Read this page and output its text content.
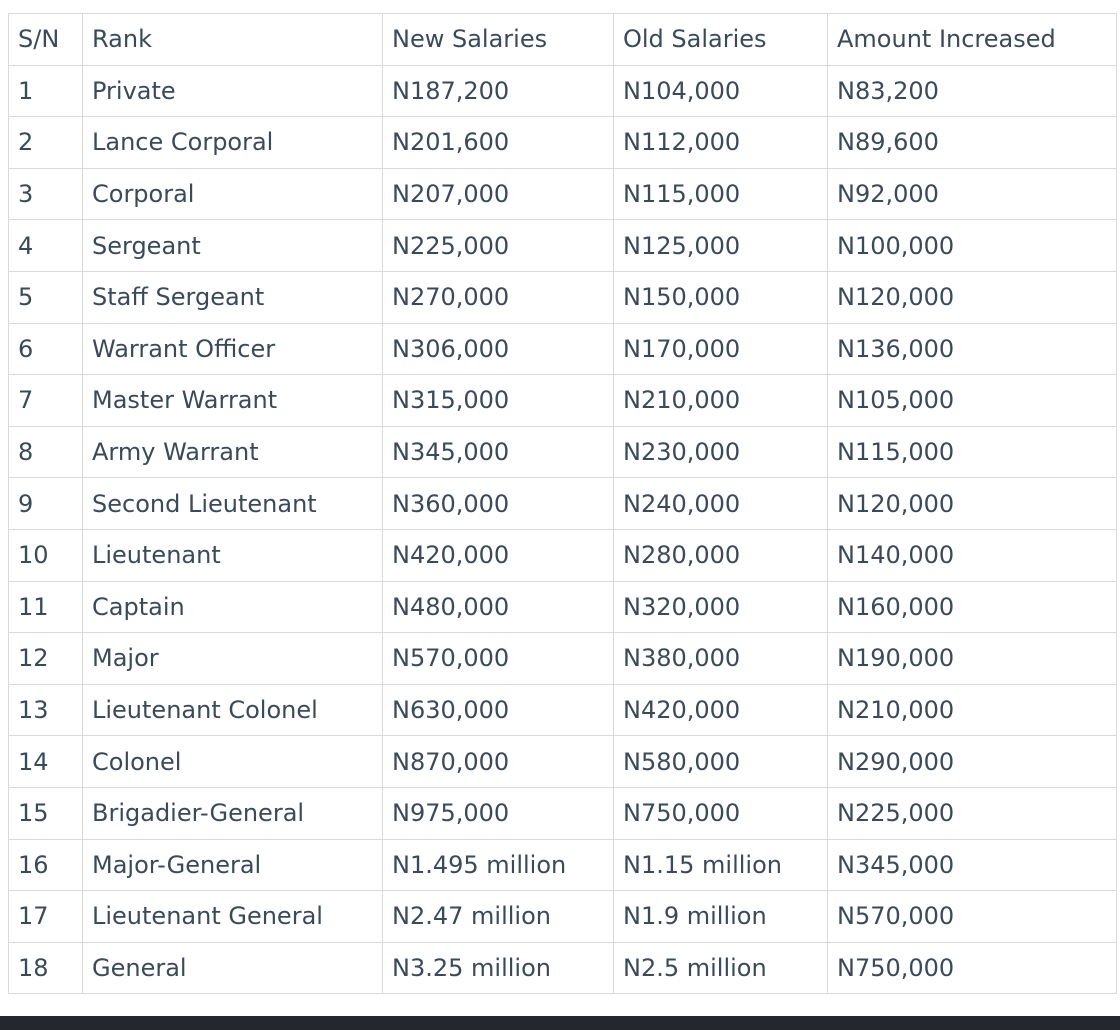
S/N	Rank	New Salaries	Old Salaries	Amount Increased
1	Private	N187,200	N104,000	N83,200
2	Lance Corporal	N201,600	N112,000	N89,600
3	Corporal	N207,000	N115,000	N92,000
4	Sergeant	N225,000	N125,000	N100,000
5	Staff Sergeant	N270,000	N150,000	N120,000
6	Warrant Officer	N306,000	N170,000	N136,000
7	Master Warrant	N315,000	N210,000	N105,000
8	Army Warrant	N345,000	N230,000	N115,000
9	Second Lieutenant	N360,000	N240,000	N120,000
10	Lieutenant	N420,000	N280,000	N140,000
11	Captain	N480,000	N320,000	N160,000
12	Major	N570,000	N380,000	N190,000
13	Lieutenant Colonel	N630,000	N420,000	N210,000
14	Colonel	N870,000	N580,000	N290,000
15	Brigadier-General	N975,000	N750,000	N225,000
16	Major-General	N1.495 million	N1.15 million	N345,000
17	Lieutenant General	N2.47 million	N1.9 million	N570,000
18	General	N3.25 million	N2.5 million	N750,000
